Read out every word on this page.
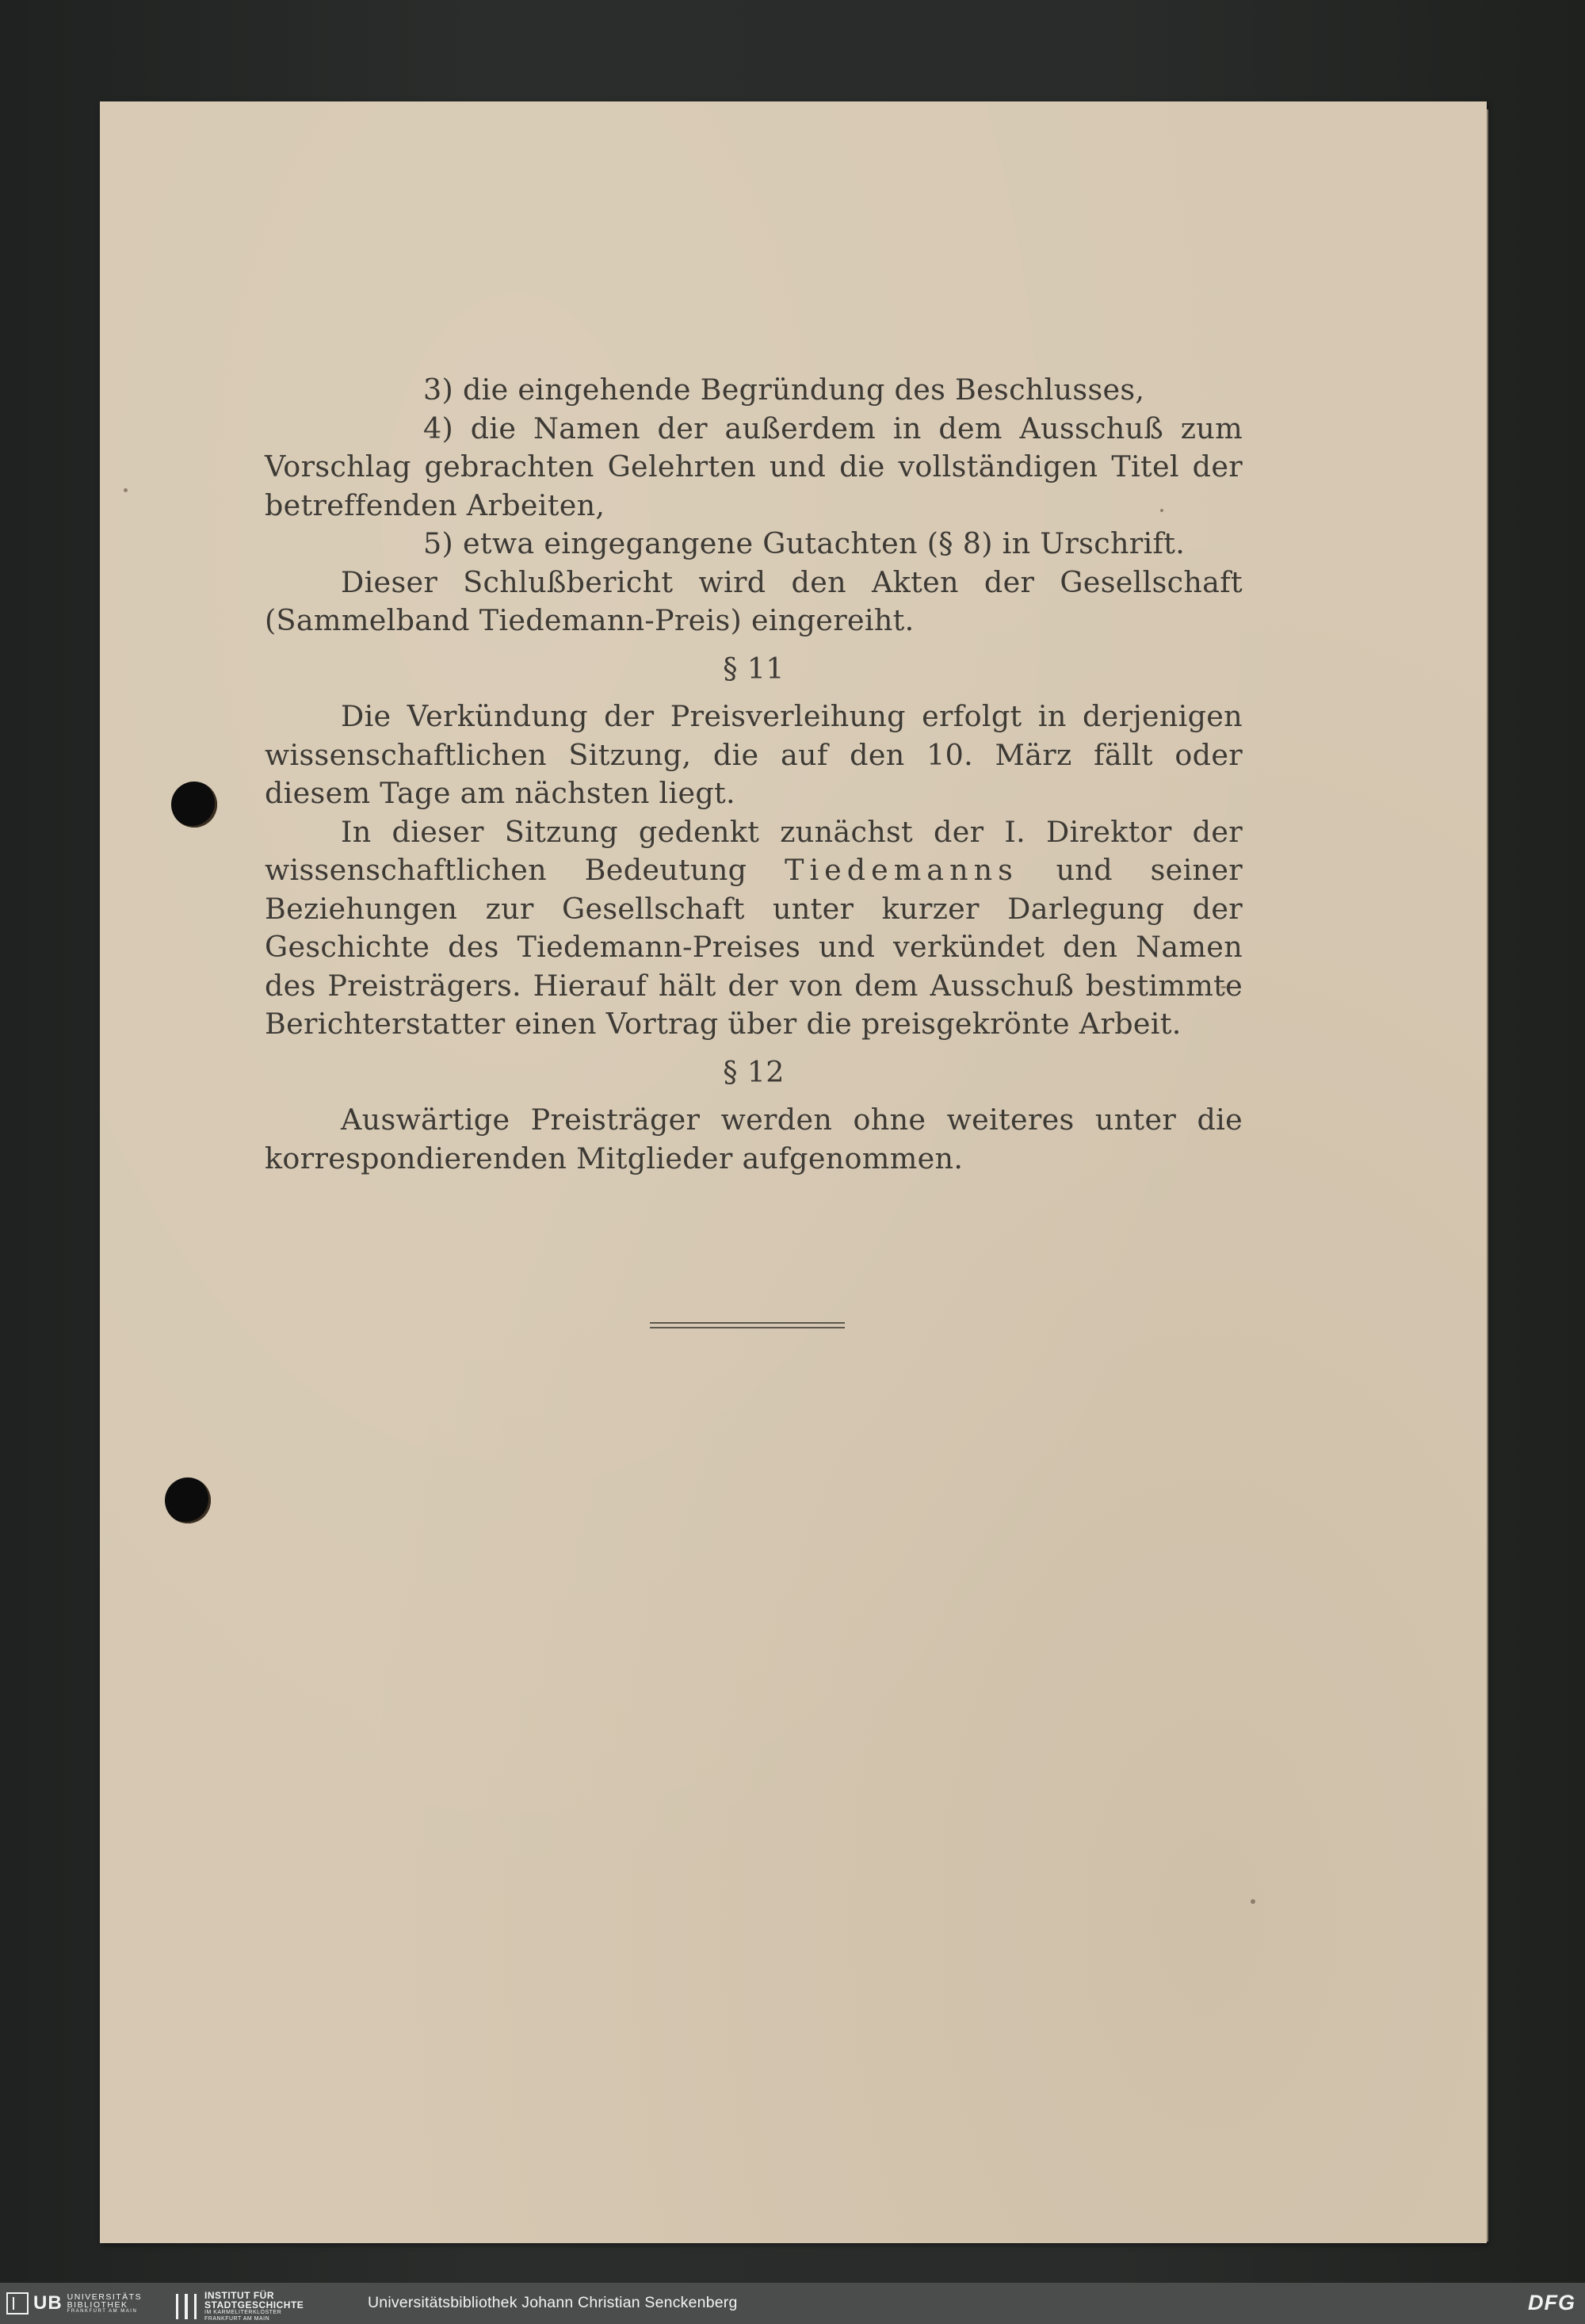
3) die eingehende Begründung des Beschlusses,

4) die Namen der außerdem in dem Ausschuß zum Vorschlag gebrachten Gelehrten und die vollständigen Titel der betreffenden Arbeiten,

5) etwa eingegangene Gutachten (§ 8) in Urschrift.

Dieser Schlußbericht wird den Akten der Gesellschaft (Sammelband Tiedemann-Preis) eingereiht.

§ 11

Die Verkündung der Preisverleihung erfolgt in derjenigen wissenschaftlichen Sitzung, die auf den 10. März fällt oder diesem Tage am nächsten liegt.

In dieser Sitzung gedenkt zunächst der I. Direktor der wissenschaftlichen Bedeutung Tiedemanns und seiner Beziehungen zur Gesellschaft unter kurzer Darlegung der Geschichte des Tiedemann-Preises und verkündet den Namen des Preisträgers. Hierauf hält der von dem Ausschuß bestimmte Berichterstatter einen Vortrag über die preisgekrönte Arbeit.

§ 12

Auswärtige Preisträger werden ohne weiteres unter die korrespondierenden Mitglieder aufgenommen.

UB UNIVERSITÄTS
BIBLIOTHEK
FRANKFURT AM MAIN
INSTITUT FÜR
STADTGESCHICHTE
IM KARMELITERKLOSTER
FRANKFURT AM MAIN
Universitätsbibliothek Johann Christian Senckenberg	DFG
